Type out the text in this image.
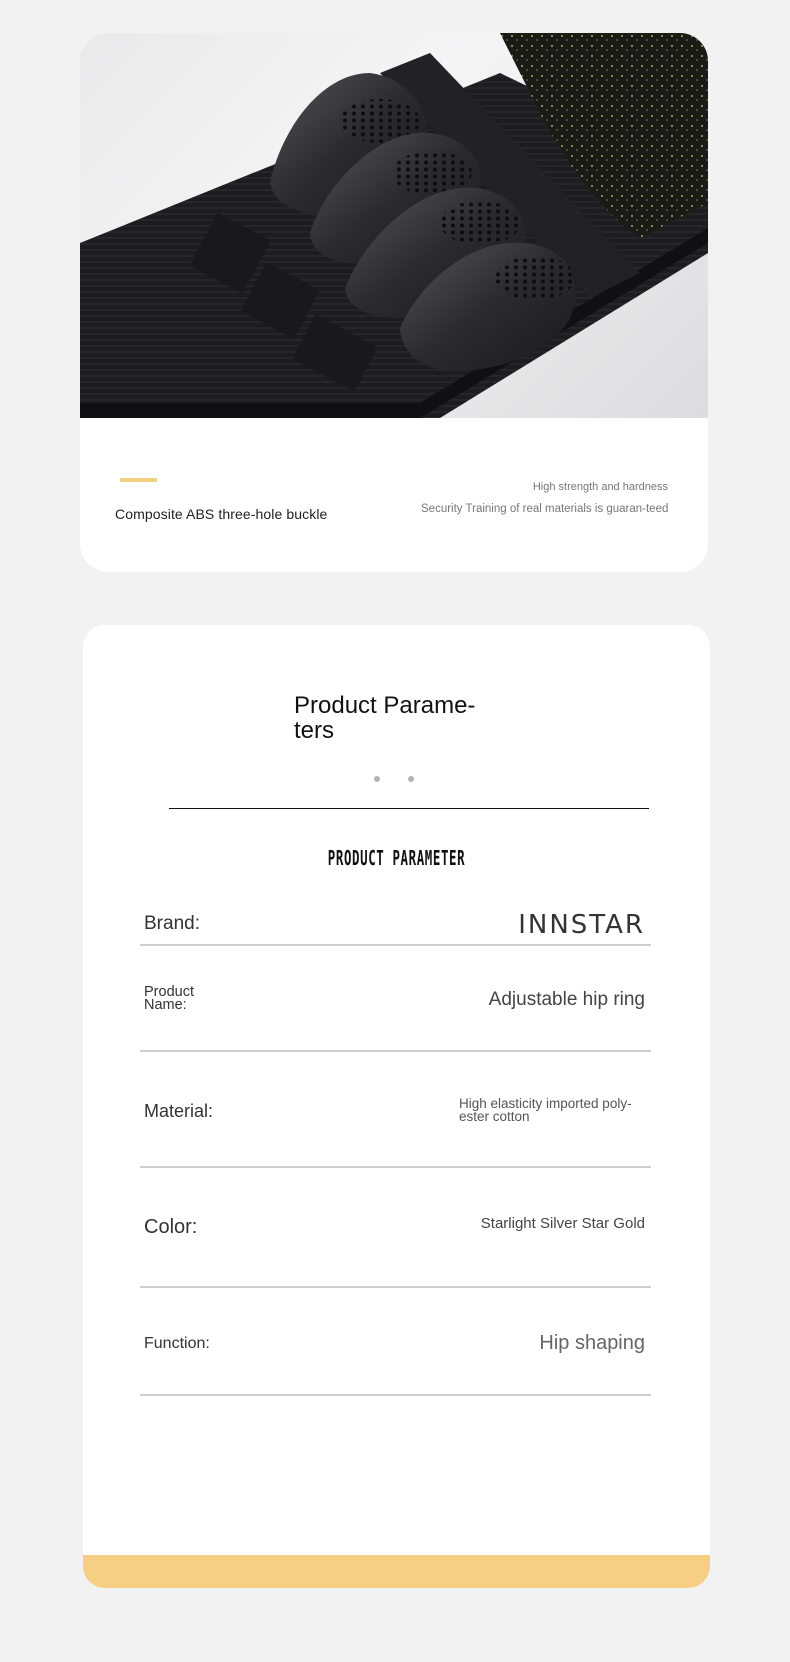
Composite ABS three-hole buckle
High strength and hardness
Security Training of real materials is guaran-teed
Product Parame-ters
PRODUCT PARAMETER
Brand:	INNSTAR
Product Name:	Adjustable hip ring
Material:	High elasticity imported poly-ester cotton
Color:	Starlight Silver Star Gold
Function:	Hip shaping
